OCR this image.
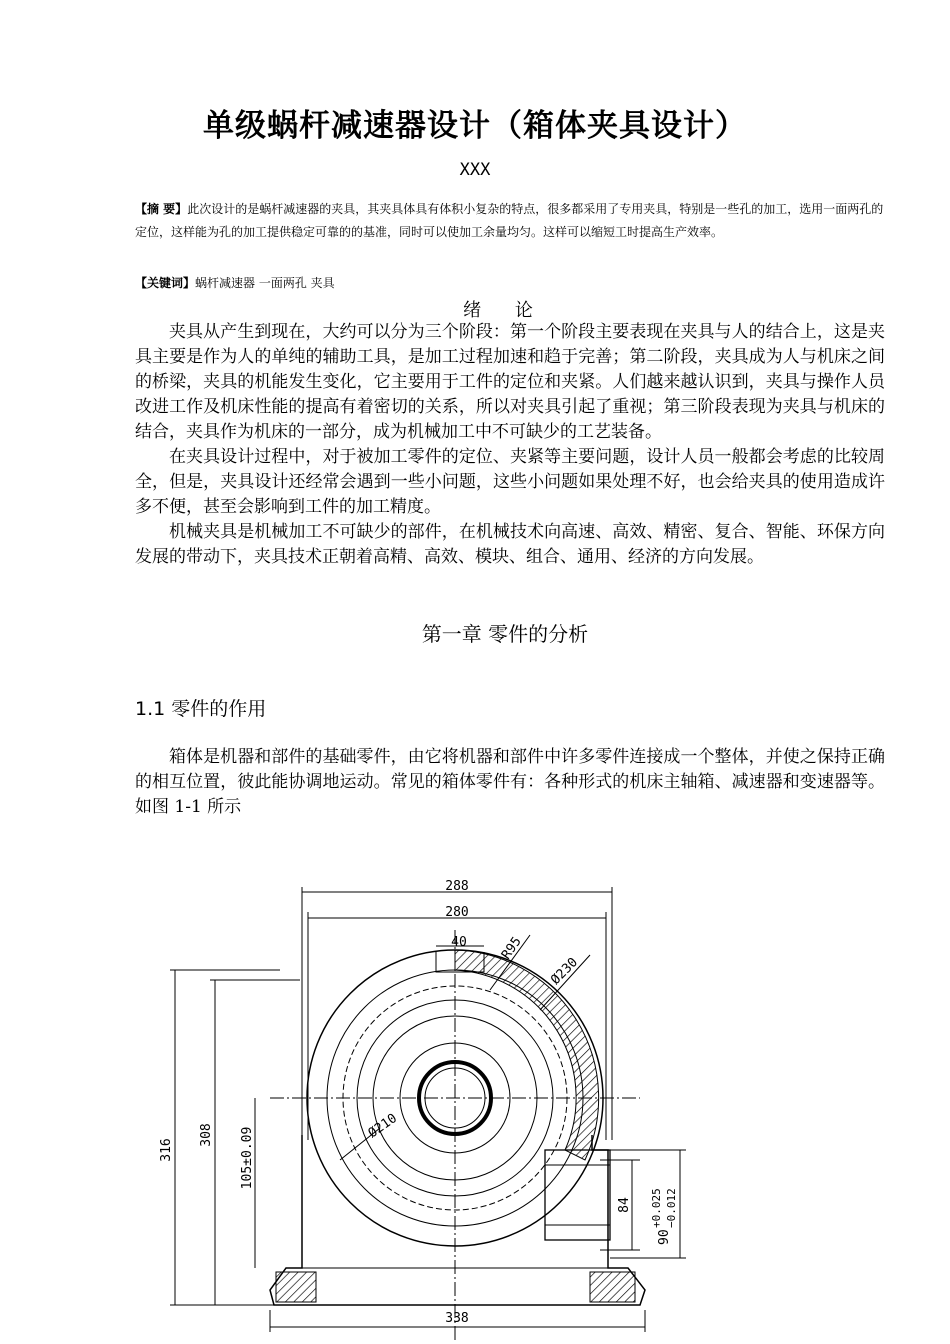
单级蜗杆减速器设计（箱体夹具设计）
XXX
【摘 要】此次设计的是蜗杆减速器的夹具，其夹具体具有体积小复杂的特点，很多都采用了专用夹具，特别是一些孔的加工，选用一面两孔的定位，这样能为孔的加工提供稳定可靠的的基准，同时可以使加工余量均匀。这样可以缩短工时提高生产效率。
【关键词】蜗杆减速器 一面两孔 夹具
绪 论

夹具从产生到现在，大约可以分为三个阶段：第一个阶段主要表现在夹具与人的结合上，这是夹具主要是作为人的单纯的辅助工具，是加工过程加速和趋于完善；第二阶段，夹具成为人与机床之间的桥梁，夹具的机能发生变化，它主要用于工件的定位和夹紧。人们越来越认识到，夹具与操作人员改进工作及机床性能的提高有着密切的关系，所以对夹具引起了重视；第三阶段表现为夹具与机床的结合，夹具作为机床的一部分，成为机械加工中不可缺少的工艺装备。

在夹具设计过程中，对于被加工零件的定位、夹紧等主要问题，设计人员一般都会考虑的比较周全，但是，夹具设计还经常会遇到一些小问题，这些小问题如果处理不好，也会给夹具的使用造成许多不便，甚至会影响到工件的加工精度。

机械夹具是机械加工不可缺少的部件，在机械技术向高速、高效、精密、复合、智能、环保方向发展的带动下，夹具技术正朝着高精、高效、模块、组合、通用、经济的方向发展。

第一章 零件的分析
1.1 零件的作用

箱体是机器和部件的基础零件，由它将机器和部件中许多零件连接成一个整体，并使之保持正确的相互位置，彼此能协调地运动。常见的箱体零件有：各种形式的机床主轴箱、减速器和变速器等。如图 1-1 所示

288
280
40 R95
Ø230
Ø210
316
308 105±0.09
84
90
+0.025 −0.012
338
